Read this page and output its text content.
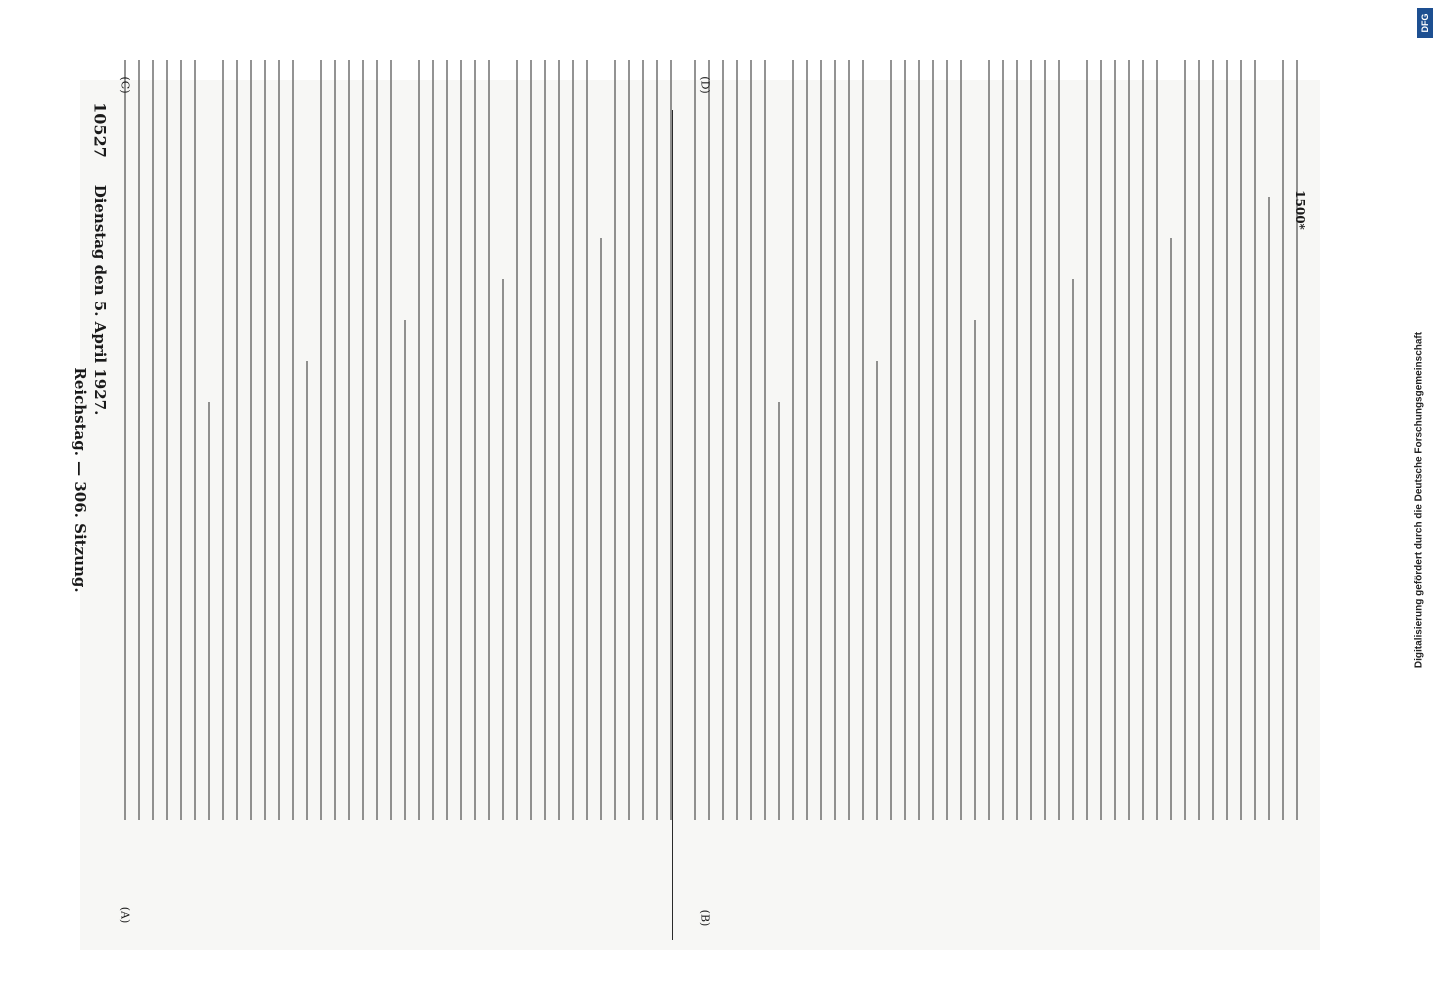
Reichstag. — 306. Sitzung.
Dienstag den 5. April 1927.
10527
(A)	(B)
(C)	(D)
1500*
Digitalisierung gefördert durch die Deutsche Forschungsgemeinschaft
DFG
